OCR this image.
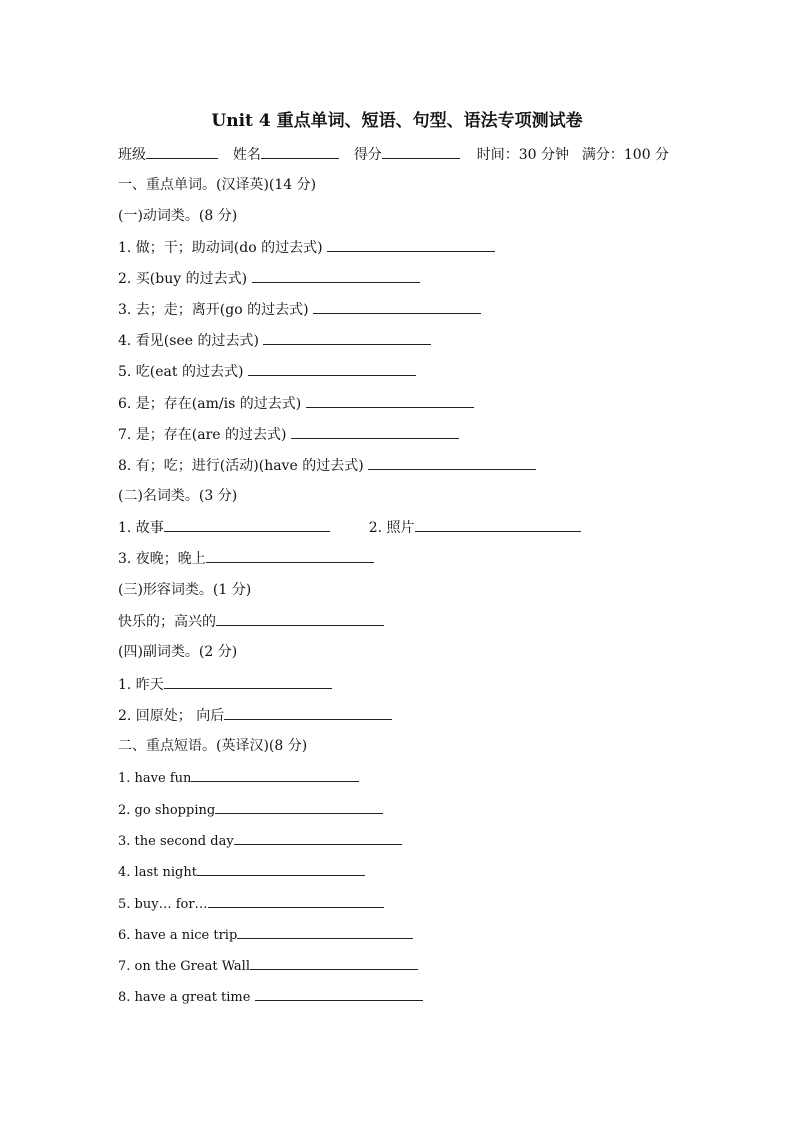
Unit 4 重点单词、短语、句型、语法专项测试卷
班级	姓名	得分	时间：30 分钟 满分：100 分
一、重点单词。(汉译英)(14 分)
(一)动词类。(8 分)
1. 做；干；助动词(do 的过去式)
2. 买(buy 的过去式)
3. 去；走；离开(go 的过去式)
4. 看见(see 的过去式)
5. 吃(eat 的过去式)
6. 是；存在(am/is 的过去式)
7. 是；存在(are 的过去式)
8. 有；吃；进行(活动)(have 的过去式)
(二)名词类。(3 分)
1. 故事	2. 照片
3. 夜晚；晚上
(三)形容词类。(1 分)
快乐的；高兴的
(四)副词类。(2 分)
1. 昨天
2. 回原处； 向后
二、重点短语。(英译汉)(8 分)
1. have fun
2. go shopping
3. the second day
4. last night
5. buy… for…
6. have a nice trip
7. on the Great Wall
8. have a great time
